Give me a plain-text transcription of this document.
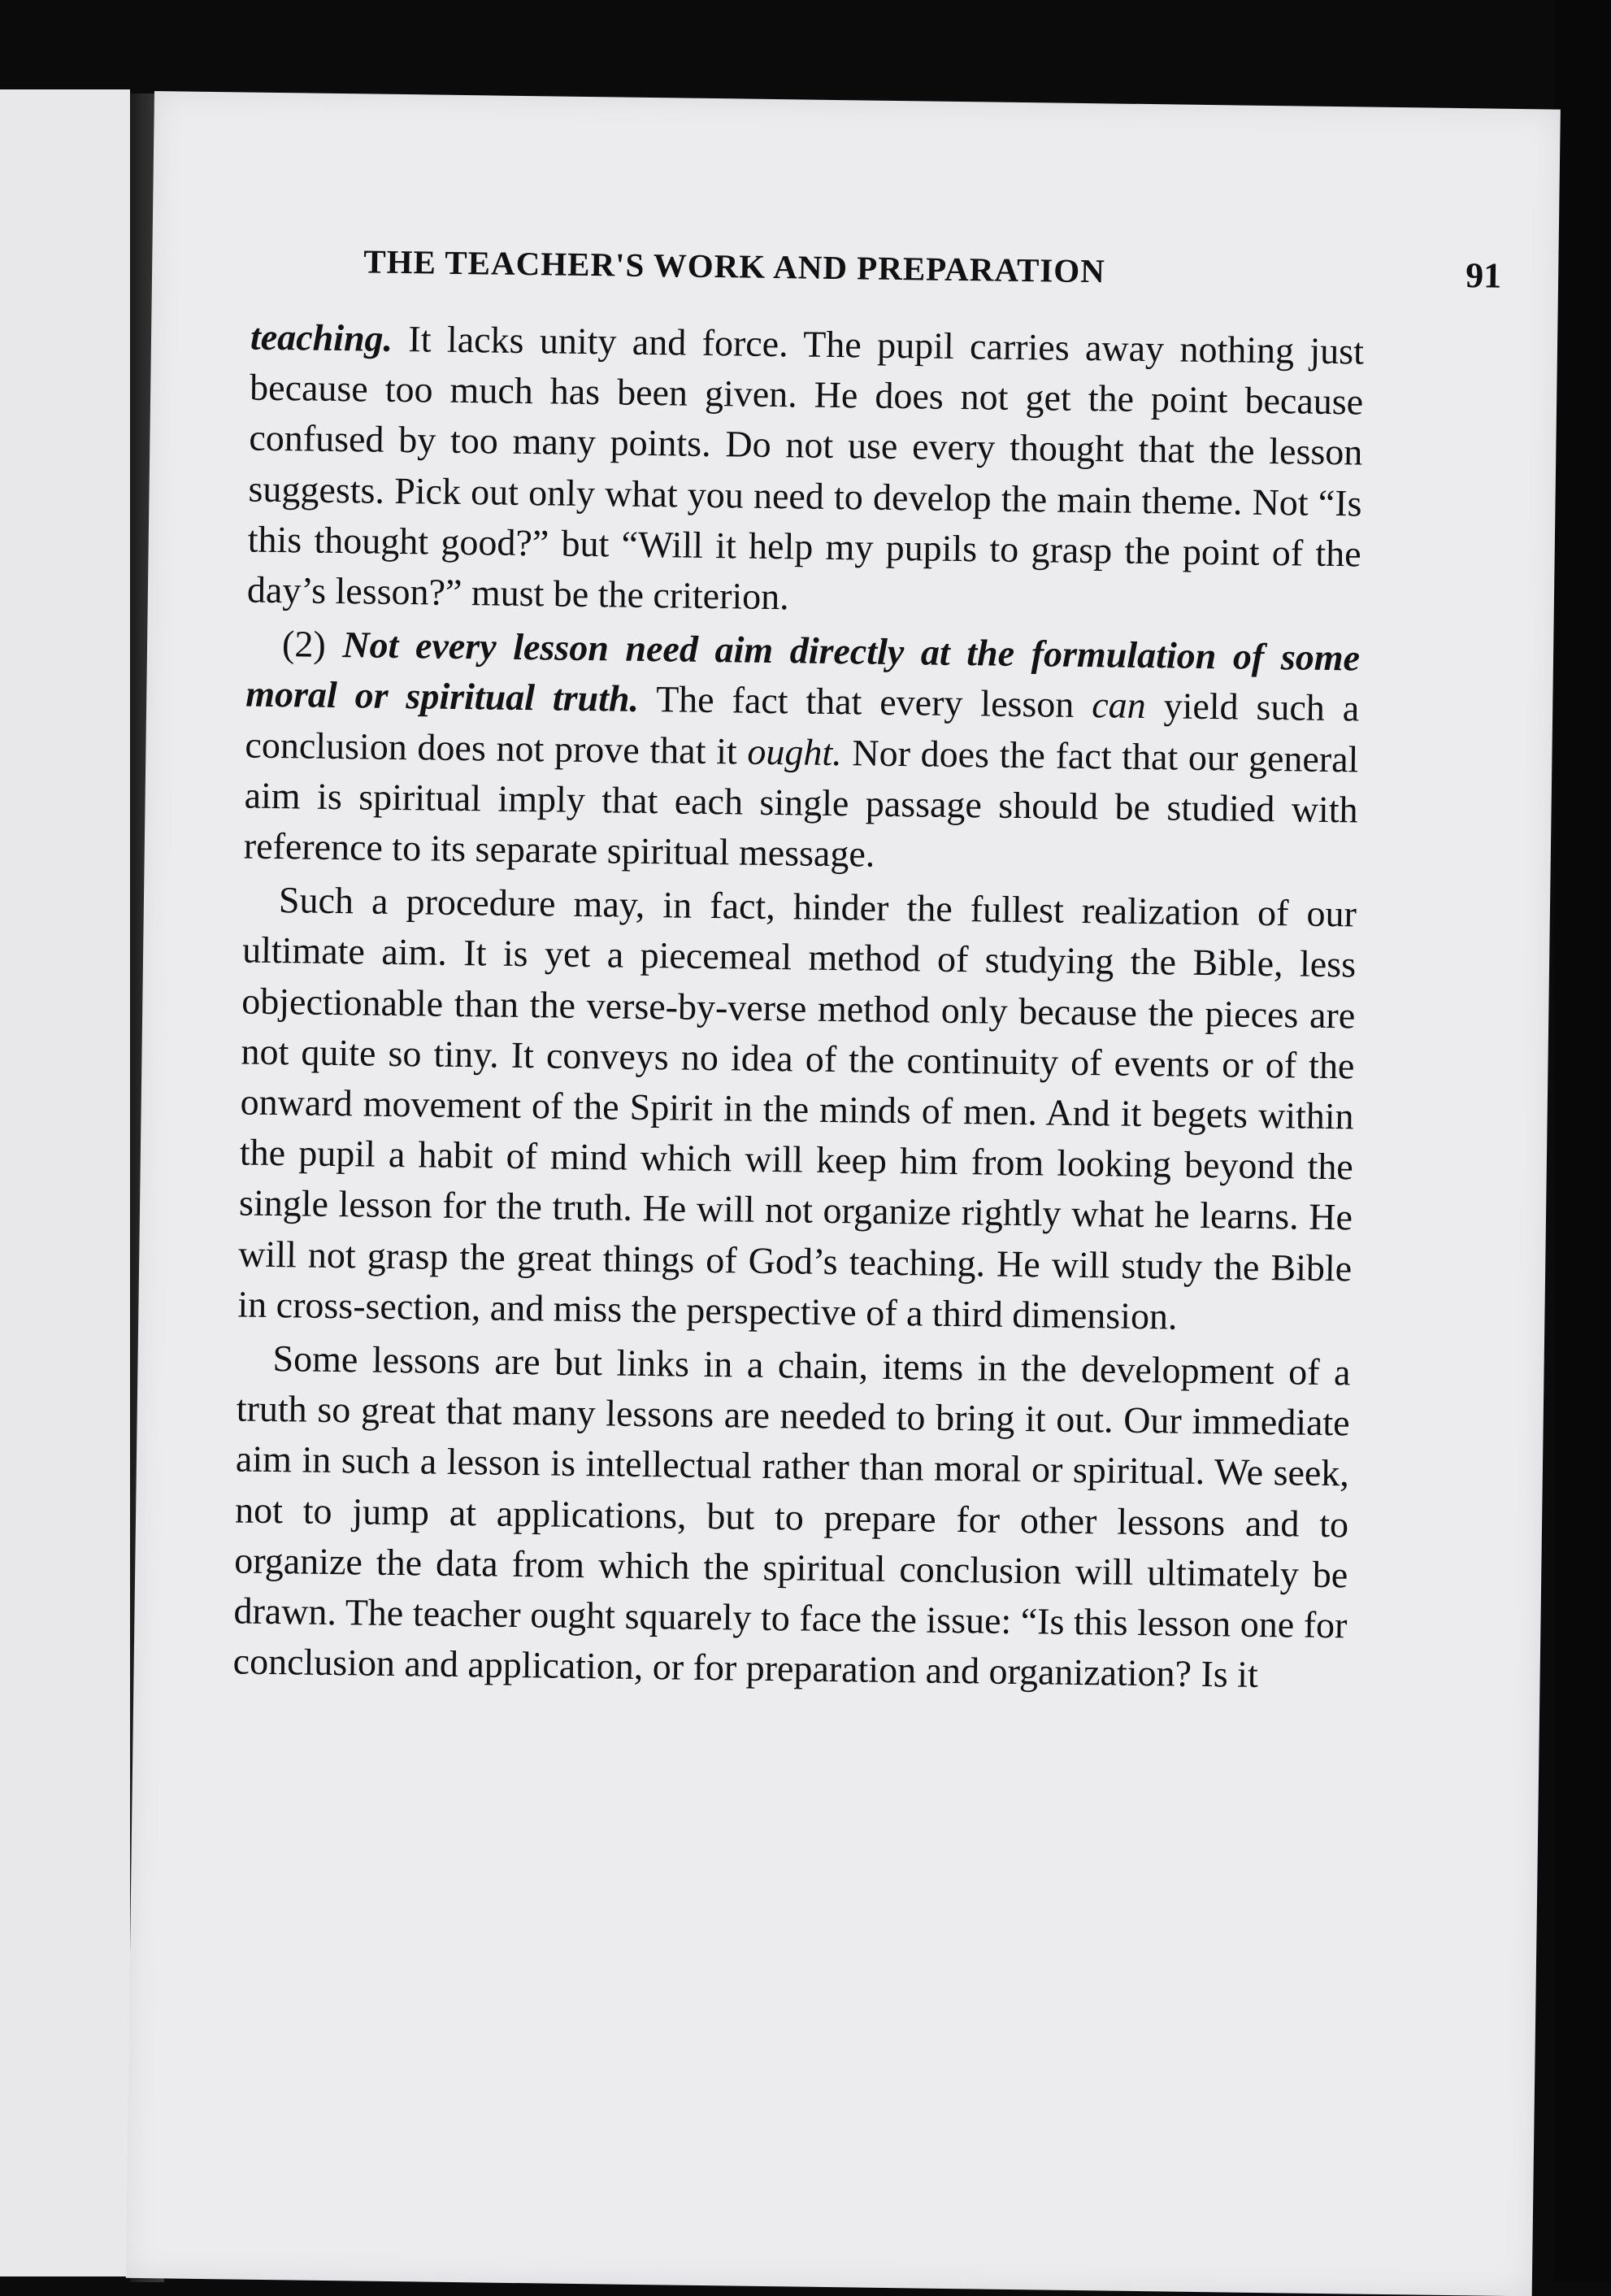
THE TEACHER'S WORK AND PREPARATION	91

teaching. It lacks unity and force. The pupil carries away nothing just because too much has been given. He does not get the point because confused by too many points. Do not use every thought that the lesson suggests. Pick out only what you need to develop the main theme. Not “Is this thought good?” but “Will it help my pupils to grasp the point of the day’s lesson?” must be the criterion.

(2) Not every lesson need aim directly at the formulation of some moral or spiritual truth. The fact that every lesson can yield such a conclusion does not prove that it ought. Nor does the fact that our general aim is spiritual imply that each single passage should be studied with reference to its separate spiritual message.

Such a procedure may, in fact, hinder the fullest realization of our ultimate aim. It is yet a piecemeal method of studying the Bible, less objectionable than the verse-by-verse method only because the pieces are not quite so tiny. It conveys no idea of the continuity of events or of the onward movement of the Spirit in the minds of men. And it begets within the pupil a habit of mind which will keep him from looking beyond the single lesson for the truth. He will not organize rightly what he learns. He will not grasp the great things of God’s teaching. He will study the Bible in cross-section, and miss the perspective of a third dimension.

Some lessons are but links in a chain, items in the development of a truth so great that many lessons are needed to bring it out. Our immediate aim in such a lesson is intellectual rather than moral or spiritual. We seek, not to jump at applications, but to prepare for other lessons and to organize the data from which the spiritual conclusion will ultimately be drawn. The teacher ought squarely to face the issue: “Is this lesson one for conclusion and application, or for preparation and organization? Is it
